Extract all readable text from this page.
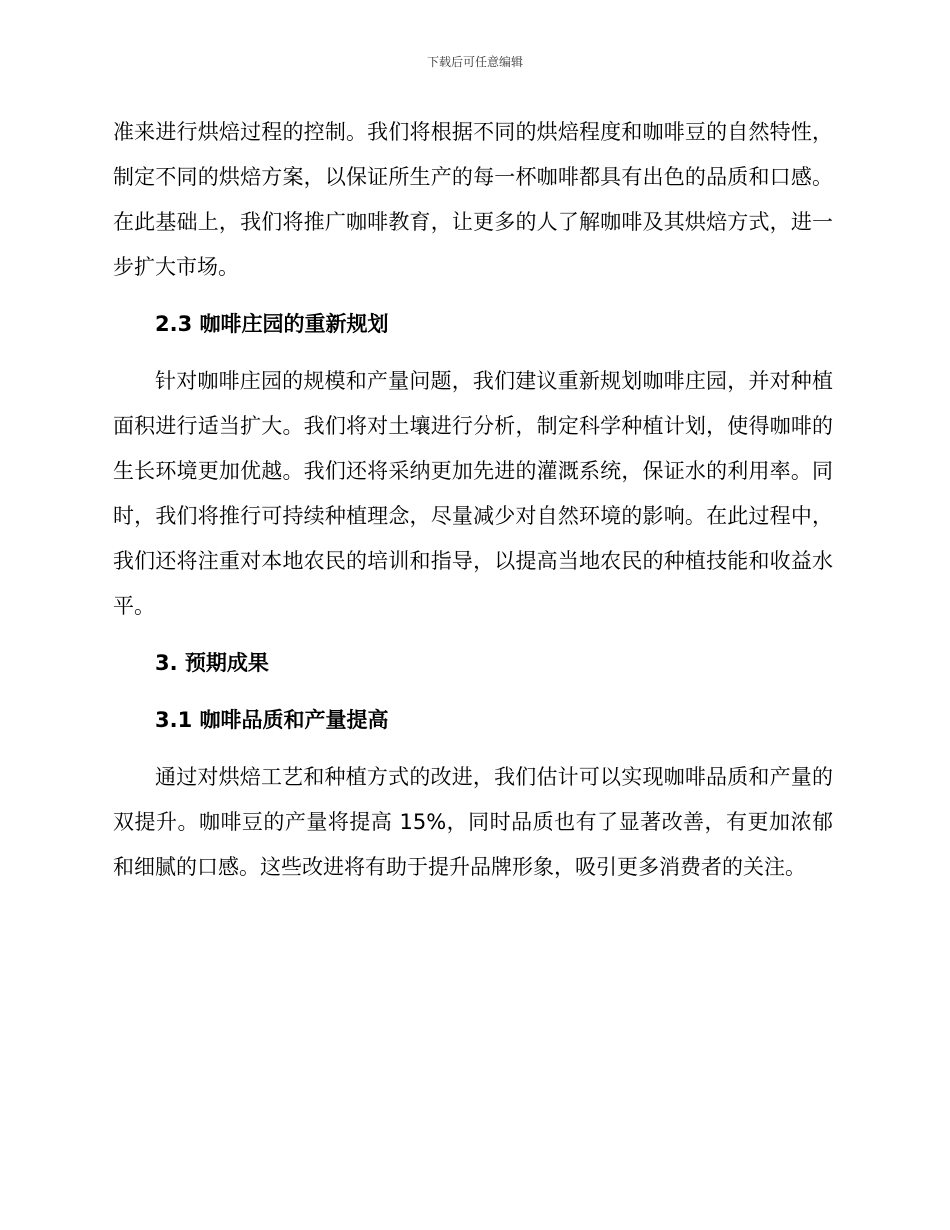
下载后可任意编辑

准来进行烘焙过程的控制。我们将根据不同的烘焙程度和咖啡豆的自然特性，制定不同的烘焙方案，以保证所生产的每一杯咖啡都具有出色的品质和口感。在此基础上，我们将推广咖啡教育，让更多的人了解咖啡及其烘焙方式，进一步扩大市场。

2.3 咖啡庄园的重新规划

针对咖啡庄园的规模和产量问题，我们建议重新规划咖啡庄园，并对种植面积进行适当扩大。我们将对土壤进行分析，制定科学种植计划，使得咖啡的生长环境更加优越。我们还将采纳更加先进的灌溉系统，保证水的利用率。同时，我们将推行可持续种植理念，尽量减少对自然环境的影响。在此过程中，我们还将注重对本地农民的培训和指导，以提高当地农民的种植技能和收益水平。

3. 预期成果
3.1 咖啡品质和产量提高

通过对烘焙工艺和种植方式的改进，我们估计可以实现咖啡品质和产量的双提升。咖啡豆的产量将提高 15%，同时品质也有了显著改善，有更加浓郁和细腻的口感。这些改进将有助于提升品牌形象，吸引更多消费者的关注。
